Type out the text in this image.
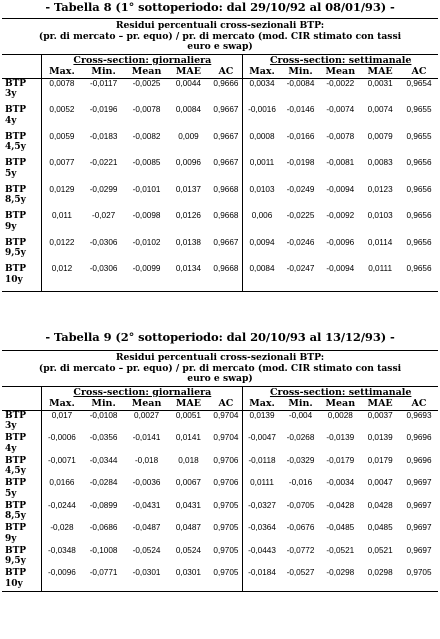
- Tabella 8 (1° sottoperiodo: dal 29/10/92 al 08/01/93) -
Residui percentuali cross-sezionali BTP:
(pr. di mercato – pr. equo) / pr. di mercato (mod. CIR stimato con tassi
euro e swap)										

	Cross-section: giornaliera					Cross-section: settimanale				
	Max.	Min.	Mean	MAE	AC	Max.	Min.	Mean	MAE	AC
BTP
3y	0,0078	-0,0117	-0,0025	0,0044	0,9666	0,0034	-0,0084	-0,0022	0,0031	0,9654
BTP
4y	0,0052	-0,0196	-0,0078	0,0084	0,9667	-0,0016	-0,0146	-0,0074	0,0074	0,9655
BTP
4,5y	0,0059	-0,0183	-0,0082	0,009	0,9667	0,0008	-0,0166	-0,0078	0,0079	0,9655
BTP
5y	0,0077	-0,0221	-0,0085	0,0096	0,9667	0,0011	-0,0198	-0,0081	0,0083	0,9656
BTP
8,5y	0,0129	-0,0299	-0,0101	0,0137	0,9668	0,0103	-0,0249	-0,0094	0,0123	0,9656
BTP
9y	0,011	-0,027	-0,0098	0,0126	0,9668	0,006	-0,0225	-0,0092	0,0103	0,9656
BTP
9,5y	0,0122	-0,0306	-0,0102	0,0138	0,9667	0,0094	-0,0246	-0,0096	0,0114	0,9656
BTP
10y	0,012	-0,0306	-0,0099	0,0134	0,9668	0,0084	-0,0247	-0,0094	0,0111	0,9656
- Tabella 9 (2° sottoperiodo: dal 20/10/93 al 13/12/93) -
Residui percentuali cross-sezionali BTP:
(pr. di mercato – pr. equo) / pr. di mercato (mod. CIR stimato con tassi
euro e swap)										

	Cross-section: giornaliera					Cross-section: settimanale				
	Max.	Min.	Mean	MAE	AC	Max.	Min.	Mean	MAE	AC
BTP
3y	0,017	-0,0108	0,0027	0,0051	0,9704	0,0139	-0,004	0,0028	0,0037	0,9693
BTP
4y	-0,0006	-0,0356	-0,0141	0,0141	0,9704	-0,0047	-0,0268	-0,0139	0,0139	0,9696
BTP
4,5y	-0,0071	-0,0344	-0,018	0,018	0,9706	-0,0118	-0,0329	-0,0179	0,0179	0,9696
BTP
5y	0,0166	-0,0284	-0,0036	0,0067	0,9706	0,0111	-0,016	-0,0034	0,0047	0,9697
BTP
8,5y	-0,0244	-0,0899	-0,0431	0,0431	0,9705	-0,0327	-0,0705	-0,0428	0,0428	0,9697
BTP
9y	-0,028	-0,0686	-0,0487	0,0487	0,9705	-0,0364	-0,0676	-0,0485	0,0485	0,9697
BTP
9,5y	-0,0348	-0,1008	-0,0524	0,0524	0,9705	-0,0443	-0,0772	-0,0521	0,0521	0,9697
BTP
10y	-0,0096	-0,0771	-0,0301	0,0301	0,9705	-0,0184	-0,0527	-0,0298	0,0298	0,9705
